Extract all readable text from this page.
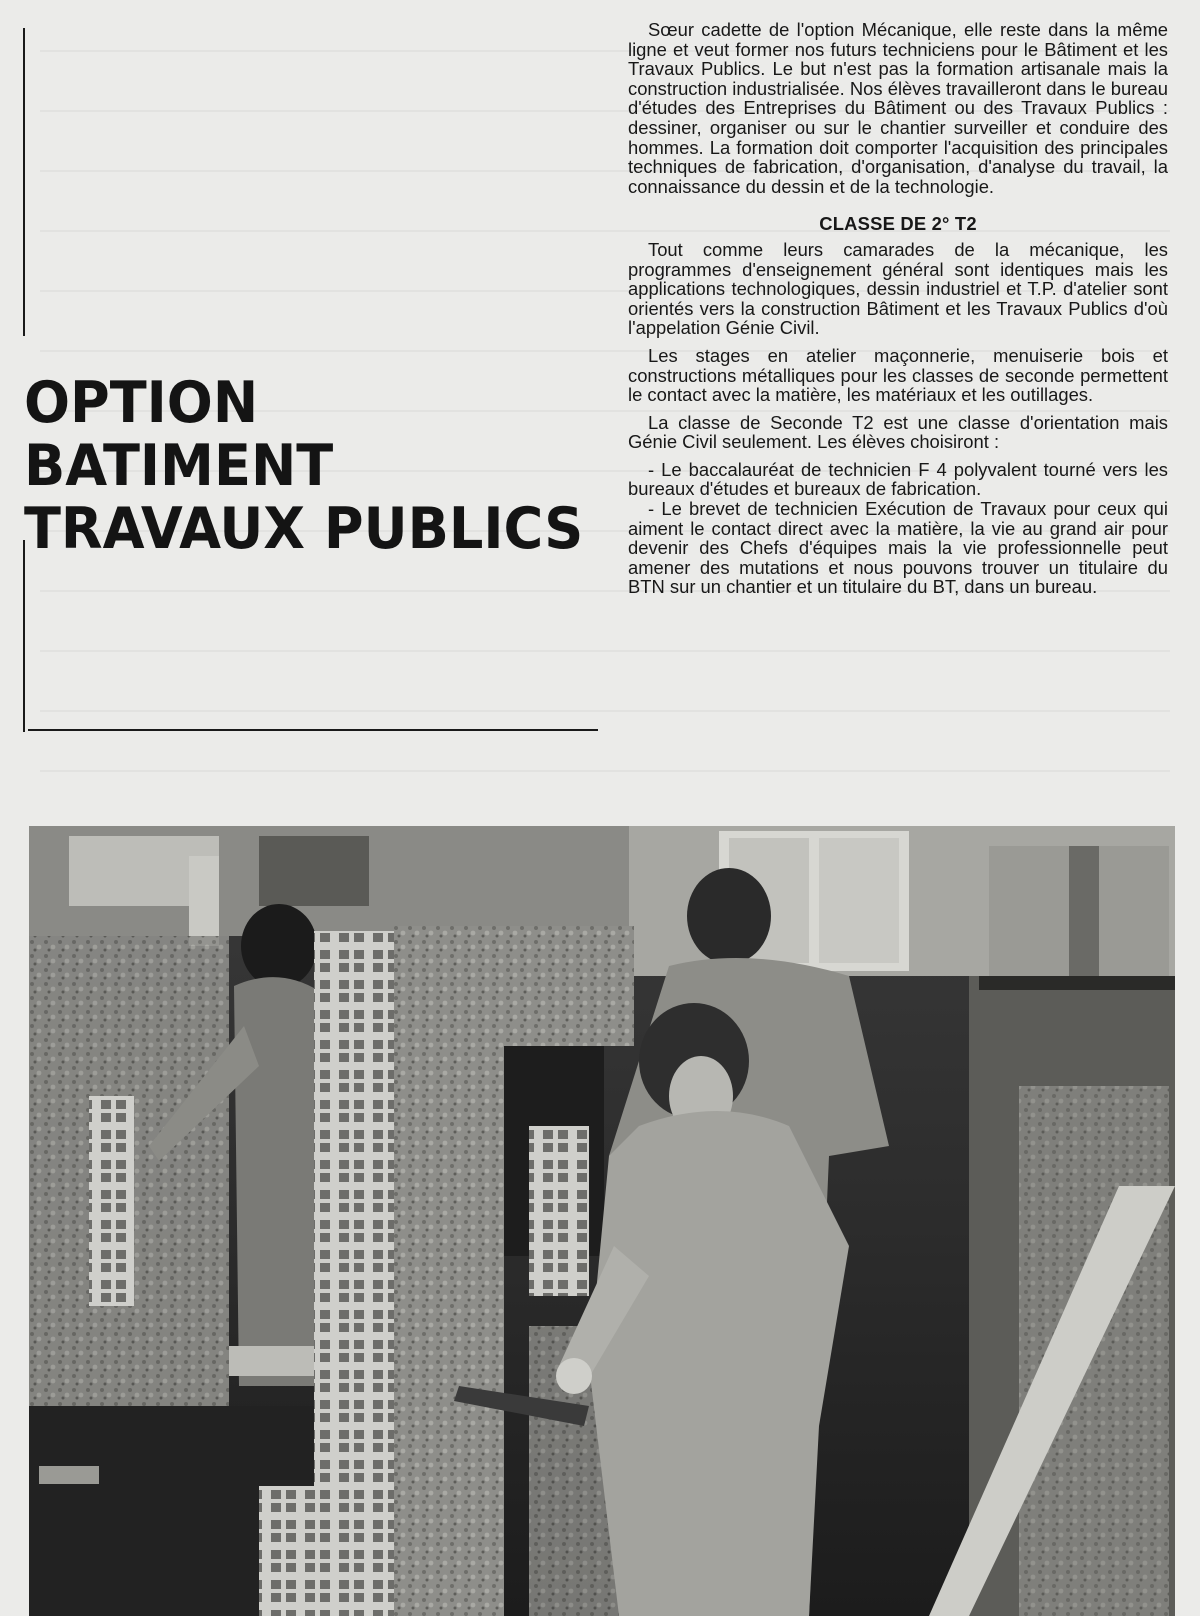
OPTION
BATIMENT
TRAVAUX PUBLICS

Sœur cadette de l'option Mécanique, elle reste dans la même ligne et veut former nos futurs techniciens pour le Bâtiment et les Travaux Publics. Le but n'est pas la formation artisanale mais la construction industrialisée. Nos élèves travailleront dans le bureau d'études des Entreprises du Bâtiment ou des Travaux Publics : dessiner, organiser ou sur le chantier surveiller et conduire des hommes. La formation doit comporter l'acquisition des principales techniques de fabrication, d'organisation, d'analyse du travail, la connaissance du dessin et de la technologie.

CLASSE DE 2° T2

Tout comme leurs camarades de la mécanique, les programmes d'enseignement général sont identiques mais les applications technologiques, dessin industriel et T.P. d'atelier sont orientés vers la construction Bâtiment et les Travaux Publics d'où l'appelation Génie Civil.

Les stages en atelier maçonnerie, menuiserie bois et constructions métalliques pour les classes de seconde permettent le contact avec la matière, les matériaux et les outillages.

La classe de Seconde T2 est une classe d'orientation mais Génie Civil seulement. Les élèves choisiront :

- Le baccalauréat de technicien F 4 polyvalent tourné vers les bureaux d'études et bureaux de fabrication.

- Le brevet de technicien Exécution de Travaux pour ceux qui aiment le contact direct avec la matière, la vie au grand air pour devenir des Chefs d'équipes mais la vie professionnelle peut amener des mutations et nous pouvons trouver un titulaire du BTN sur un chantier et un titulaire du BT, dans un bureau.
